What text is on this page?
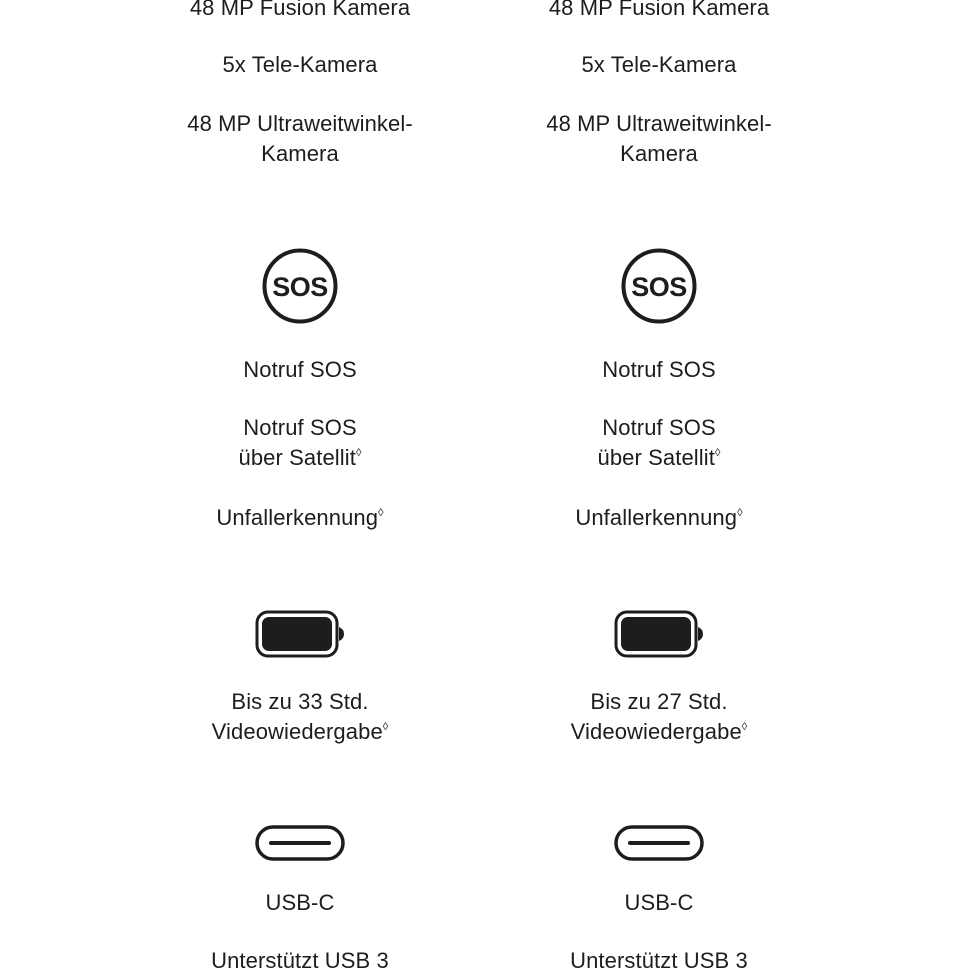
48 MP Fusion Kamera

5x Tele-Kamera

48 MP Ultraweitwinkel-
Kamera

SOS

Notruf SOS

Notruf SOS
über Satellit◊

Unfallerkennung◊

Bis zu 33 Std.
Videowiedergabe◊

USB-C

Unterstützt USB 3

48 MP Fusion Kamera

5x Tele-Kamera

48 MP Ultraweitwinkel-
Kamera

SOS

Notruf SOS

Notruf SOS
über Satellit◊

Unfallerkennung◊

Bis zu 27 Std.
Videowiedergabe◊

USB-C

Unterstützt USB 3
